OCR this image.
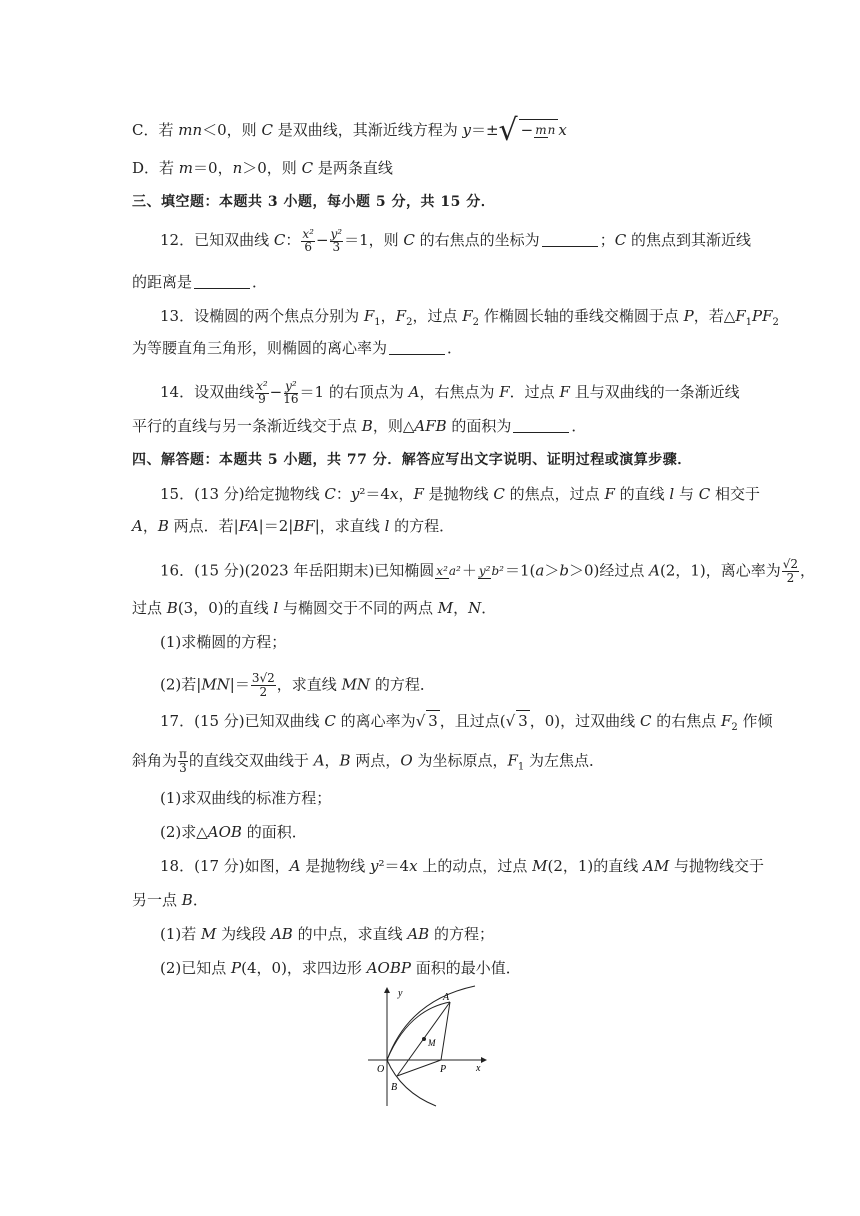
C．若 mn＜0，则 C 是双曲线，其渐近线方程为 y＝±√ − mn x
D．若 m＝0，n＞0，则 C 是两条直线
三、填空题：本题共 3 小题，每小题 5 分，共 15 分．
12．已知双曲线 C：$\frac{\text{x²}}{6} -\frac{\text{y²}}{3} =1$，则 C 的右焦点的坐标为	；C 的焦点到其渐近线
的距离是	．
13．设椭圆的两个焦点分别为 $F_1$，$F_2$，过点 $F_2$ 作椭圆长轴的垂线交椭圆于点 P，若$\triangle F_1PF_2$
为等腰直角三角形，则椭圆的离心率为	．
14．设双曲线$\frac{\text{x²}}{9} -\frac{\text{y²}}{16} =1$ 的右顶点为 A，右焦点为 F．过点 F 且与双曲线的一条渐近线
平行的直线与另一条渐近线交于点 B，则△AFB 的面积为	．
四、解答题：本题共 5 小题，共 77 分．解答应写出文字说明、证明过程或演算步骤．
15．(13 分)给定抛物线 C：y²＝4x，F 是抛物线 C 的焦点，过点 F 的直线 l 与 C 相交于
A，B 两点．若|FA|＝2|BF|，求直线 l 的方程．
16．(15 分)(2023 年岳阳期末)已知椭圆 x²a²＋ y²b²＝1(a＞b＞0)经过点 A(2，1)，离心率为 $\frac{√2}{2}$ ，
过点 B(3，0)的直线 l 与椭圆交于不同的两点 M，N．
(1)求椭圆的方程；
(2)若$|MN|= \frac{3√2}{2}$ ，求直线 MN 的方程．
17．(15 分)已知双曲线 C 的离心率为√ 3 ，且过点(√ 3 ，0)，过双曲线 C 的右焦点 $F_2$ 作倾
斜角为 $\frac{\pi}{3}$ 的直线交双曲线于 A，B 两点，O 为坐标原点，$F_1$ 为左焦点．
(1)求双曲线的标准方程；
(2)求△AOB 的面积．
18．(17 分)如图，A 是抛物线 y²＝4x 上的动点，过点 M(2，1)的直线 AM 与抛物线交于
另一点 B．
(1)若 M 为线段 AB 的中点，求直线 AB 的方程；
(2)已知点 P(4，0)，求四边形 AOBP 面积的最小值．
y
x
O
A
B
M
P
